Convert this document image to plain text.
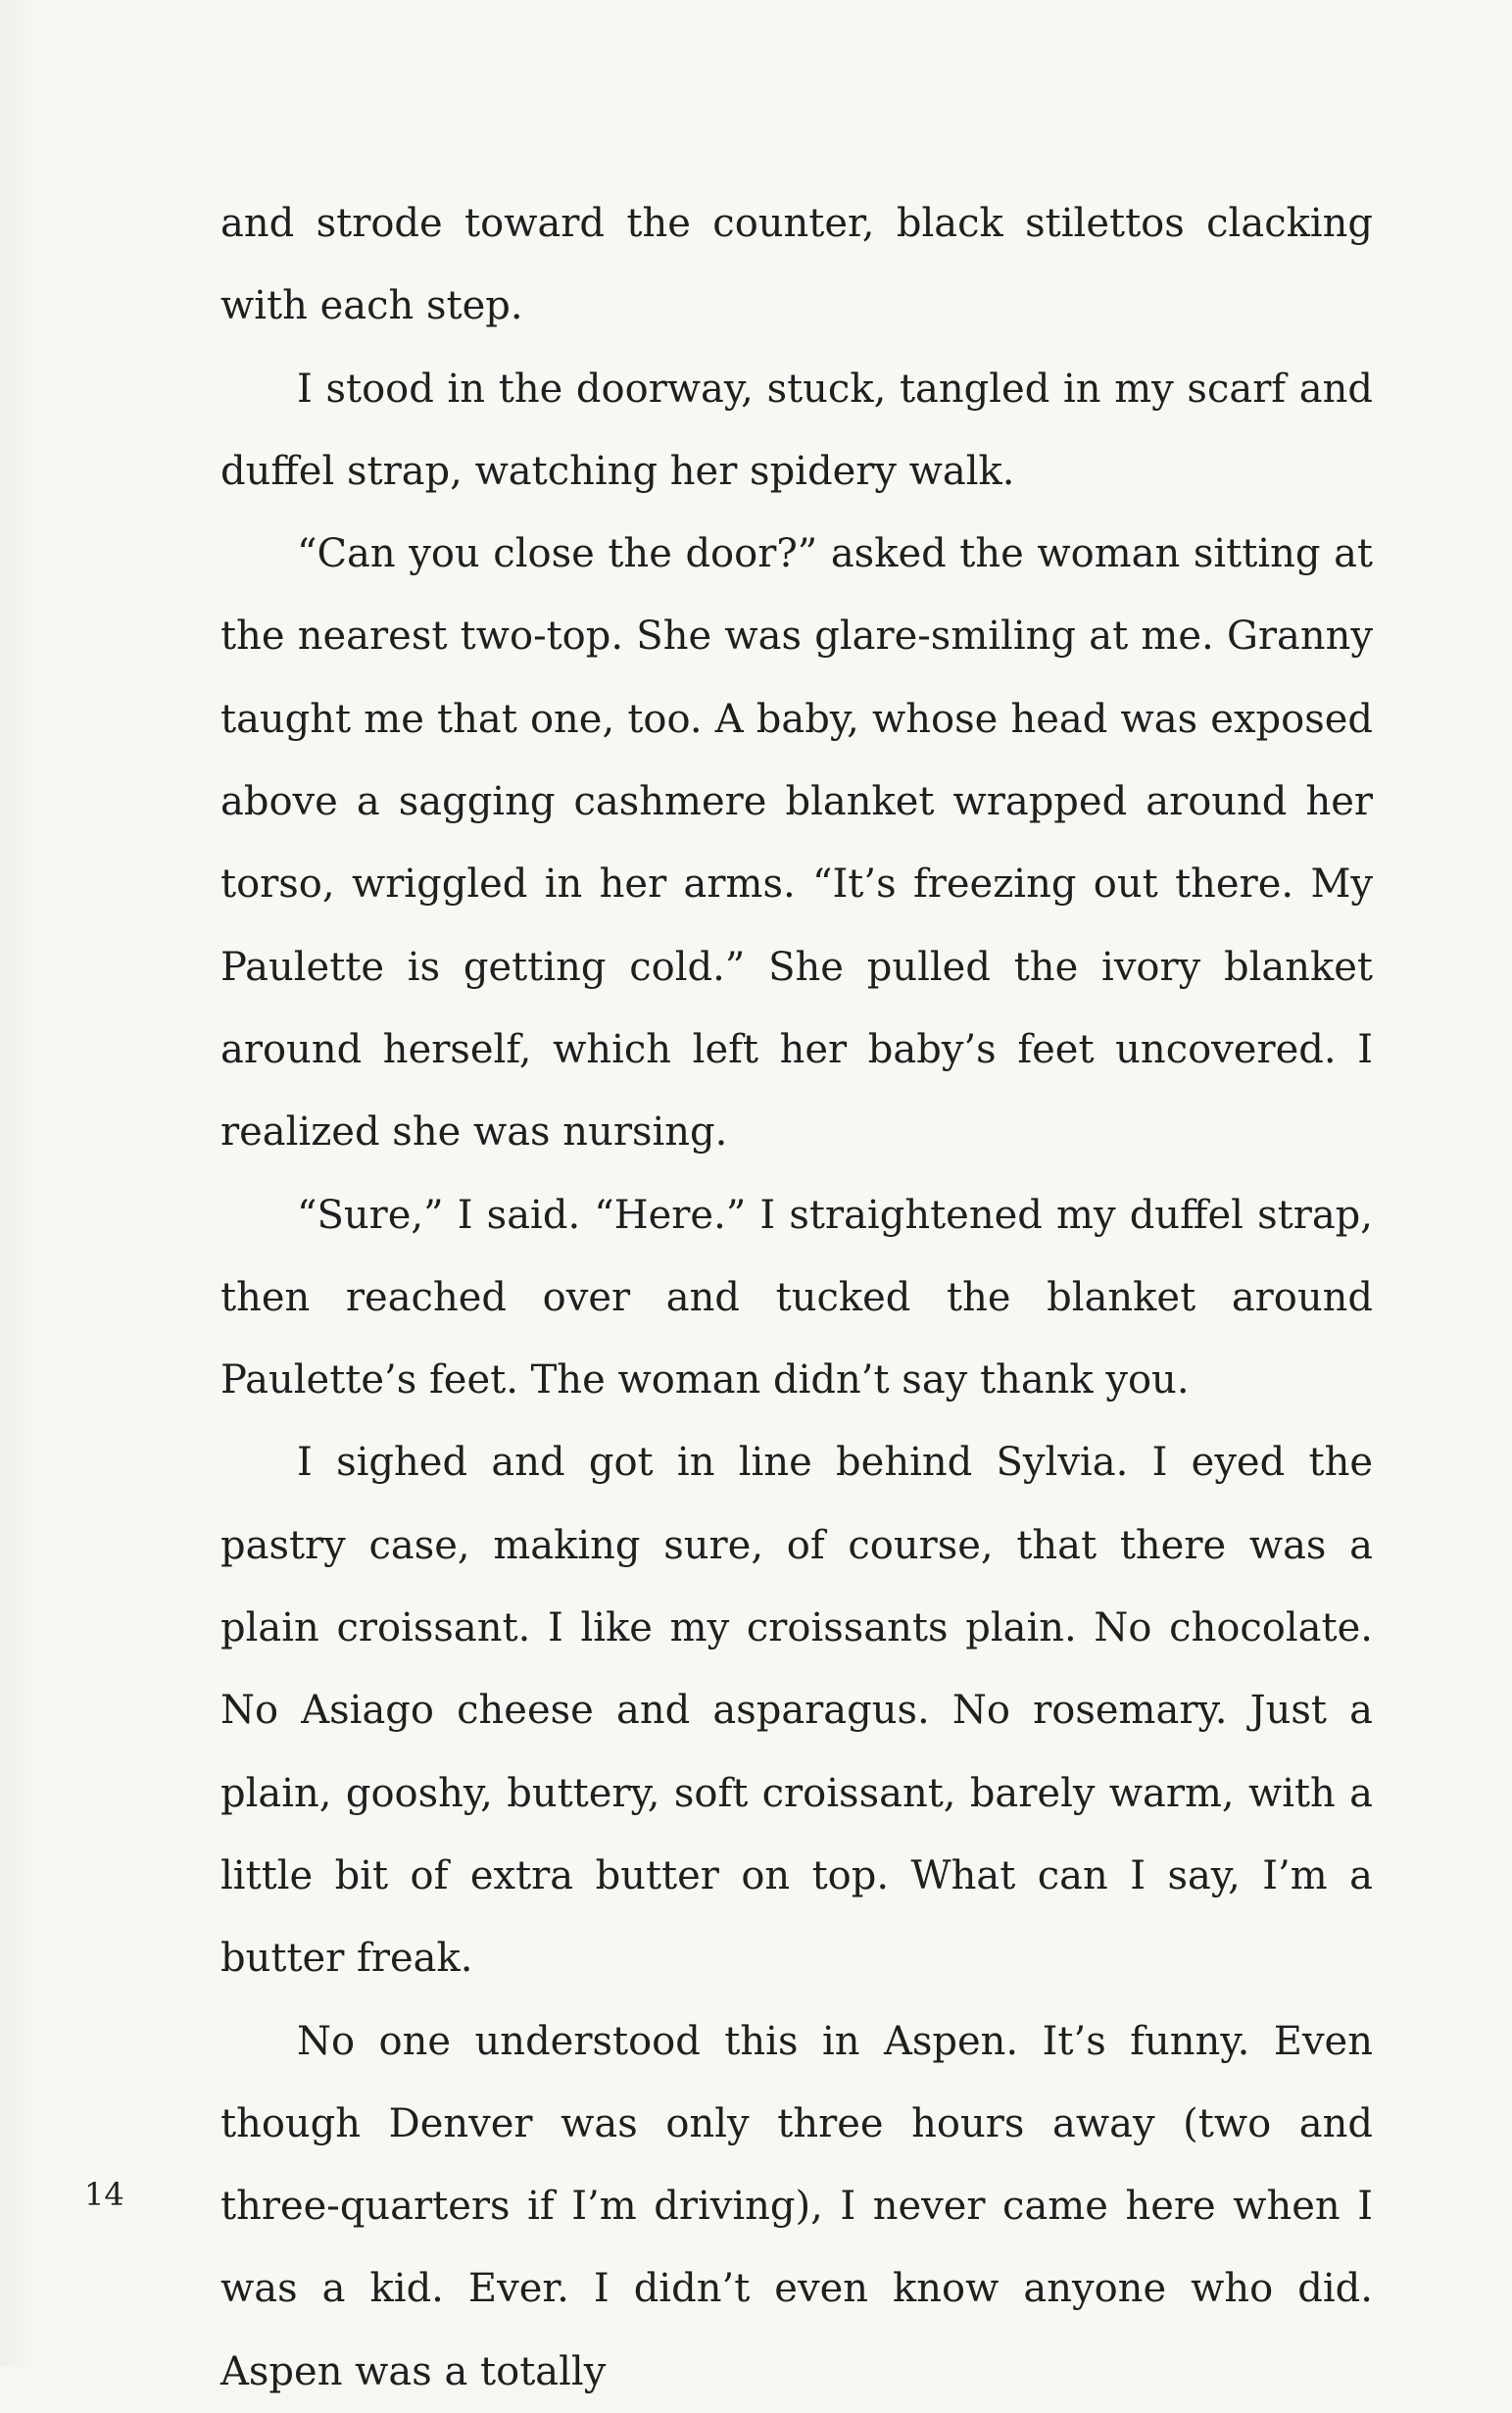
and strode toward the counter, black stilettos clacking with each step.

I stood in the doorway, stuck, tangled in my scarf and duffel strap, watching her spidery walk.

“Can you close the door?” asked the woman sitting at the nearest two-top. She was glare-smiling at me. Granny taught me that one, too. A baby, whose head was exposed above a sagging cashmere blanket wrapped around her torso, wriggled in her arms. “It’s freezing out there. My Paulette is getting cold.” She pulled the ivory blanket around herself, which left her baby’s feet uncovered. I realized she was nursing.

“Sure,” I said. “Here.” I straightened my duffel strap, then reached over and tucked the blanket around Paulette’s feet. The woman didn’t say thank you.

I sighed and got in line behind Sylvia. I eyed the pastry case, making sure, of course, that there was a plain croissant. I like my croissants plain. No chocolate. No Asiago cheese and asparagus. No rosemary. Just a plain, gooshy, buttery, soft croissant, barely warm, with a little bit of extra butter on top. What can I say, I’m a butter freak.

No one understood this in Aspen. It’s funny. Even though Denver was only three hours away (two and three-quarters if I’m driving), I never came here when I was a kid. Ever. I didn’t even know anyone who did. Aspen was a totally

14
